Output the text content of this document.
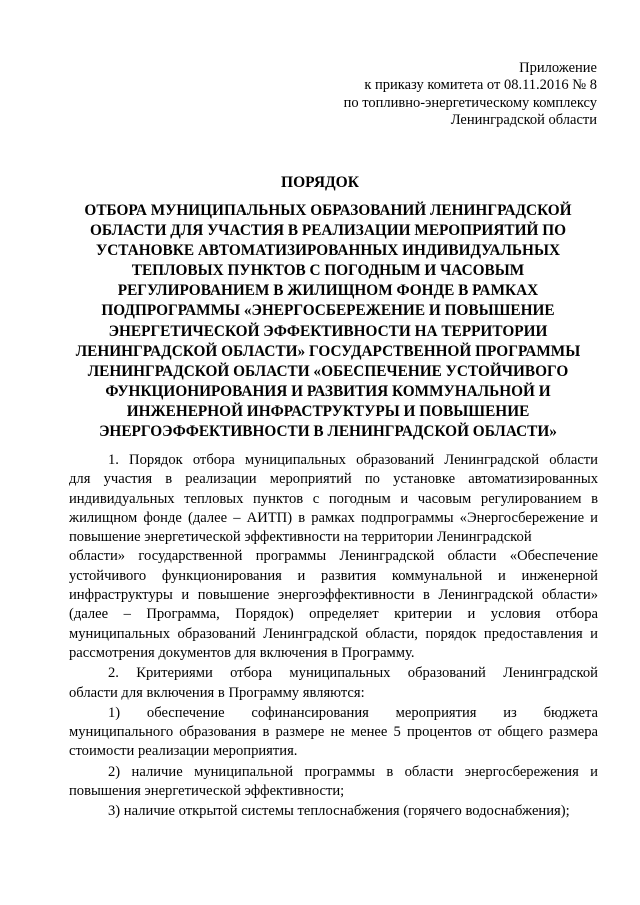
Приложение
к приказу комитета от 08.11.2016 № 8
по топливно-энергетическому комплексу
Ленинградской области
ПОРЯДОК
ОТБОРА МУНИЦИПАЛЬНЫХ ОБРАЗОВАНИЙ ЛЕНИНГРАДСКОЙ
ОБЛАСТИ ДЛЯ УЧАСТИЯ В РЕАЛИЗАЦИИ МЕРОПРИЯТИЙ ПО
УСТАНОВКЕ АВТОМАТИЗИРОВАННЫХ ИНДИВИДУАЛЬНЫХ
ТЕПЛОВЫХ ПУНКТОВ С ПОГОДНЫМ И ЧАСОВЫМ
РЕГУЛИРОВАНИЕМ В ЖИЛИЩНОМ ФОНДЕ В РАМКАХ
ПОДПРОГРАММЫ «ЭНЕРГОСБЕРЕЖЕНИЕ И ПОВЫШЕНИЕ
ЭНЕРГЕТИЧЕСКОЙ ЭФФЕКТИВНОСТИ НА ТЕРРИТОРИИ
ЛЕНИНГРАДСКОЙ ОБЛАСТИ» ГОСУДАРСТВЕННОЙ ПРОГРАММЫ
ЛЕНИНГРАДСКОЙ ОБЛАСТИ «ОБЕСПЕЧЕНИЕ УСТОЙЧИВОГО
ФУНКЦИОНИРОВАНИЯ И РАЗВИТИЯ КОММУНАЛЬНОЙ И
ИНЖЕНЕРНОЙ ИНФРАСТРУКТУРЫ И ПОВЫШЕНИЕ
ЭНЕРГОЭФФЕКТИВНОСТИ В ЛЕНИНГРАДСКОЙ ОБЛАСТИ»
1. Порядок отбора муниципальных образований Ленинградской области
для участия в реализации мероприятий по установке автоматизированных
индивидуальных тепловых пунктов с погодным и часовым регулированием в
жилищном фонде (далее – АИТП) в рамках подпрограммы «Энергосбережение и
повышение энергетической эффективности на территории Ленинградской
области» государственной программы Ленинградской области «Обеспечение
устойчивого функционирования и развития коммунальной и инженерной
инфраструктуры и повышение энергоэффективности в Ленинградской области»
(далее – Программа, Порядок) определяет критерии и условия отбора
муниципальных образований Ленинградской области, порядок предоставления и
рассмотрения документов для включения в Программу.
2. Критериями отбора муниципальных образований Ленинградской
области для включения в Программу являются:
1) обеспечение софинансирования мероприятия из бюджета
муниципального образования в размере не менее 5 процентов от общего размера
стоимости реализации мероприятия.
2) наличие муниципальной программы в области энергосбережения и
повышения энергетической эффективности;
3) наличие открытой системы теплоснабжения (горячего водоснабжения);
